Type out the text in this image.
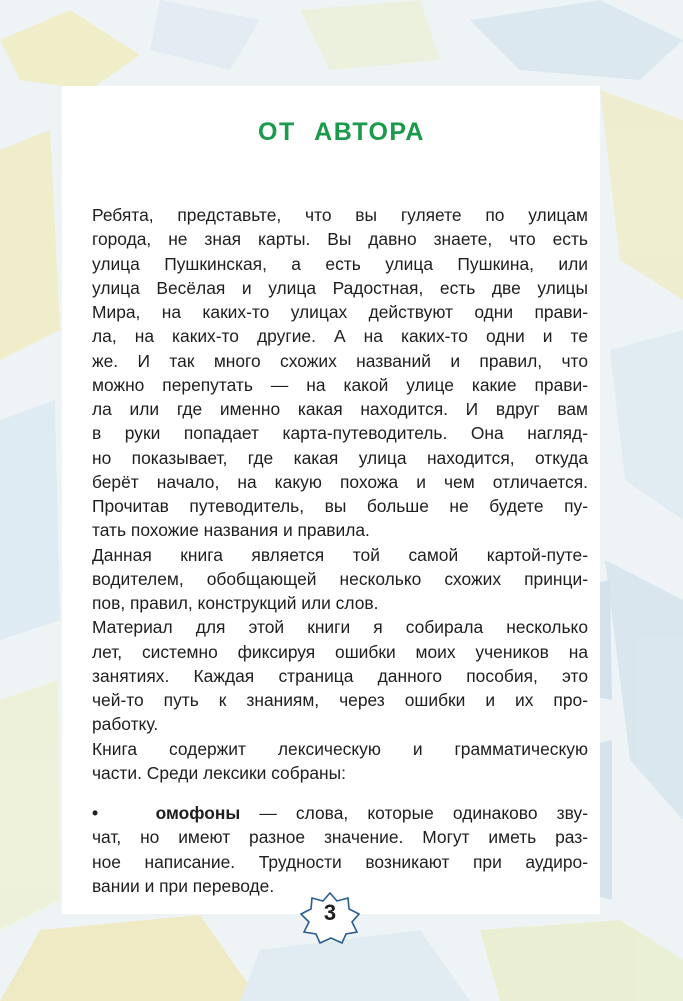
ОТ АВТОРА
Ребята, представьте, что вы гуляете по улицам
города, не зная карты. Вы давно знаете, что есть
улица Пушкинская, а есть улица Пушкина, или
улица Весёлая и улица Радостная, есть две улицы
Мира, на каких-то улицах действуют одни прави-
ла, на каких-то другие. А на каких-то одни и те
же. И так много схожих названий и правил, что
можно перепутать — на какой улице какие прави-
ла или где именно какая находится. И вдруг вам
в руки попадает карта-путеводитель. Она нагляд-
но показывает, где какая улица находится, откуда
берёт начало, на какую похожа и чем отличается.
Прочитав путеводитель, вы больше не будете пу-
тать похожие названия и правила.
Данная книга является той самой картой-путе-
водителем, обобщающей несколько схожих принци-
пов, правил, конструкций или слов.
Материал для этой книги я собирала несколько
лет, системно фиксируя ошибки моих учеников на
занятиях. Каждая страница данного пособия, это
чей-то путь к знаниям, через ошибки и их про-
работку.
Книга содержит лексическую и грамматическую
части. Среди лексики собраны:
•	омофоны — слова, которые одинаково зву-
чат, но имеют разное значение. Могут иметь раз-
ное написание. Трудности возникают при аудиро-
вании и при переводе.
3
